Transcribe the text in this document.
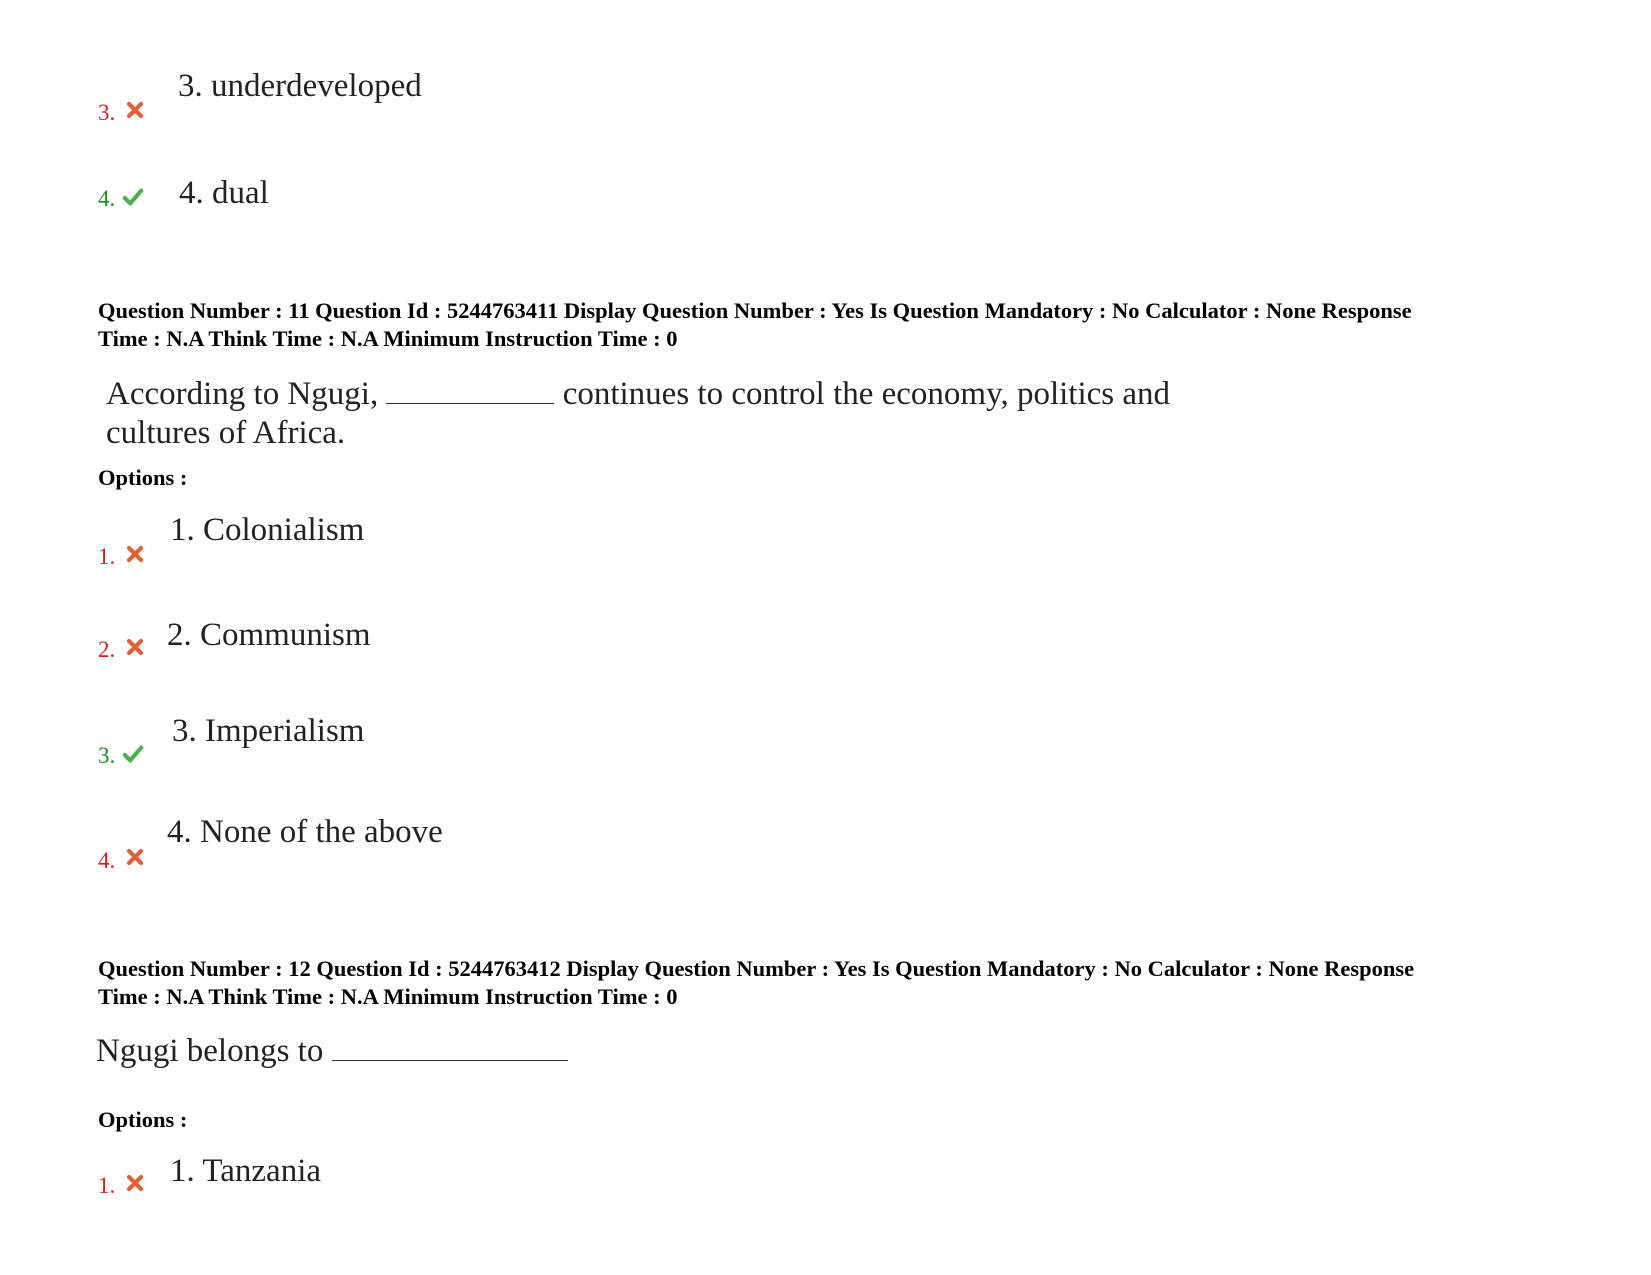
3.
3. underdeveloped
4. 4. dual
Question Number : 11 Question Id : 5244763411 Display Question Number : Yes Is Question Mandatory : No Calculator : None Response
Time : N.A Think Time : N.A Minimum Instruction Time : 0
According to Ngugi,	continues to control the economy, politics and
cultures of Africa.
Options :
1.
1. Colonialism
2. 2. Communism
3.
3. Imperialism
4.
4. None of the above
Question Number : 12 Question Id : 5244763412 Display Question Number : Yes Is Question Mandatory : No Calculator : None Response
Time : N.A Think Time : N.A Minimum Instruction Time : 0
Ngugi belongs to
Options :
1. 1. Tanzania
